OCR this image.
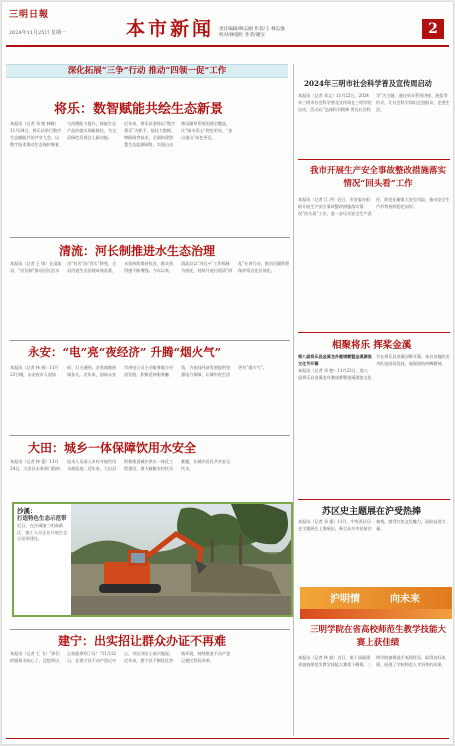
三明日報
2024年11月25日 星期一	本市新闻 责任编辑/林志刚 作者/王 林志强
校对/林强红 作者/谢宝	2
深化拓展“三争”行动 推动“四领一促”工作
将乐：数智赋能共绘生态新景
本报讯（记者 邓 艳 林嵘）11月24日，将乐县举行数字生态赋能共治共享大会，以数字技术推动生态保护修复与治理能力提升，探索生态产品价值实现新路径，为全县绿色发展注入新动能。
近年来，将乐县坚持以“数字将乐”为抓手，依托大数据、物联网等技术，全面构建智慧生态监测网络，实现山水林田湖草系统治理全覆盖，让“绿水青山”底色更亮、“金山银山”成色更足。
清流：河长制推进水生态治理
本报讯（记者 王 锋）在清流县，“河长制”推动河长治水由“有名”向“有实”转变，全县河道生态治理成效显著，水质持续保持优良，群众获得感不断增强。今年以来，清流县以“河长+”工作机制为依托，持续开展河道清“四乱”专项行动，推动河湖管理保护常态化长效化。
永安：“电”亮“夜经济” 升腾“烟火气”
本报讯（记者 林 晓）11月23日晚，永安夜市人流如织、灯火通明，各类商铺热闹非凡。近年来，国网永安市供电公司主动服务地方经济发展，积极延伸服务触角，为夜间经济发展提供坚强电力保障，让城市夜生活更有“烟火气”。
大田：城乡一体保障饮用水安全
本报讯（记者 林 蕾）11月24日，大田县水务部门组织技术人员深入乡村开展饮用水源巡查。近年来，大田县积极推进城乡供水一体化工程建设，着力破解农村饮水难题，让城乡居民共享安全饮水。
沙溪：
打造特色生态示范带
近日，在沙溪镇三明高新区，施工人员正在开展生态示范带建设。
建宁：出实招让群众办证不再难
本报讯（记者 王 飞）“你们的服务太贴心了，没想到这么快就拿到了证！”11月22日，在建宁县不动产登记中心，市民刘女士高兴地说。近年来，建宁县不断优化营商环境，持续推进不动产登记便民利民改革。
2024年三明市社会科学普及宣传周启动
本报讯（记者 邓文）11月22日，2024年三明市社会科学普及宣传周在三明学院启动，活动以“弘扬科学精神 普及社会科学”为主题，通过举办系列讲座、展览等形式，让社会科学知识走进群众、走进生活。
我市开展生产安全事故整改措施落实情况“回头看”工作
本报讯（记者 江 洪）近日，市安委办组织开展生产安全事故整改措施落实情况“回头看”工作，进一步压实安全生产责任，防范化解重大安全风险，推动安全生产形势持续稳定向好。
相聚将乐 挥桨金溪
第八届将乐县金溪龙舟邀请赛暨金溪漂流文化节开幕
本报讯（记者 邓 艳）11月23日，第八届将乐县金溪龙舟邀请赛暨金溪漂流文化节在将乐县金溪河畔开幕，来自各地的龙舟队伍同场竞技，展现团结拼搏精神。
苏区史主题展在沪受热捧
本报讯（记者 邓 强）11月，中央苏区历史主题展在上海展出，吸引众多市民前往参观，感受红色文化魅力，汲取奋进力量。
沪明情	向未来
三明学院在省高校师范生教学技能大赛上获佳绩
本报讯（记者 林 斌）近日，第十届福建省高校师范生教学技能大赛落下帷幕，三明学院参赛选手表现优异，取得良好成绩，展现了学校师范人才培养的成果。
